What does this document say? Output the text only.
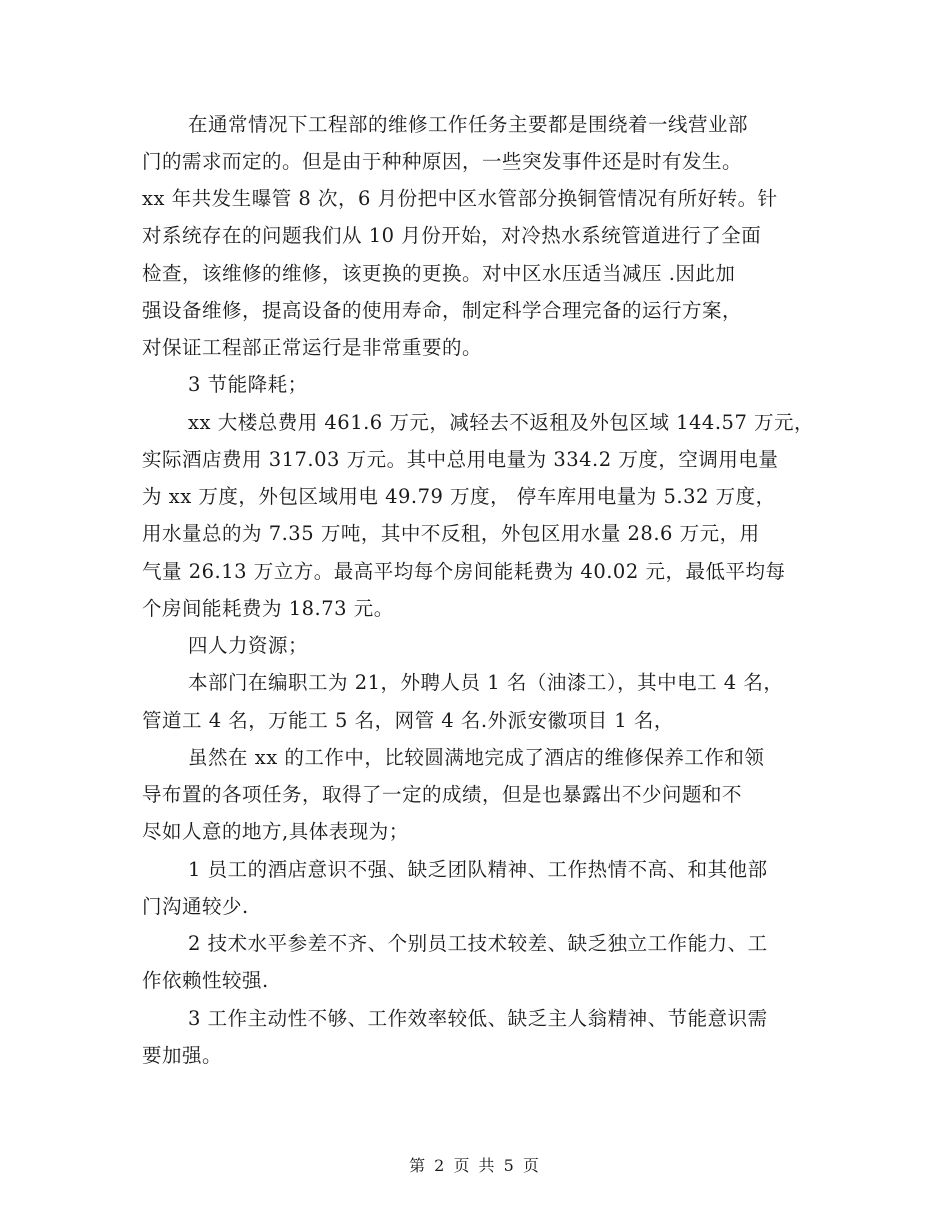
在通常情况下工程部的维修工作任务主要都是围绕着一线营业部
门的需求而定的。但是由于种种原因，一些突发事件还是时有发生。
xx 年共发生曝管 8 次，6 月份把中区水管部分换铜管情况有所好转。针
对系统存在的问题我们从 10 月份开始，对冷热水系统管道进行了全面
检查，该维修的维修，该更换的更换。对中区水压适当减压 .因此加
强设备维修，提高设备的使用寿命，制定科学合理完备的运行方案，
对保证工程部正常运行是非常重要的。
3 节能降耗；
xx 大楼总费用 461.6 万元，减轻去不返租及外包区域 144.57 万元，
实际酒店费用 317.03 万元。其中总用电量为 334.2 万度，空调用电量
为 xx 万度，外包区域用电 49.79 万度， 停车库用电量为 5.32 万度，
用水量总的为 7.35 万吨，其中不反租，外包区用水量 28.6 万元，用
气量 26.13 万立方。最高平均每个房间能耗费为 40.02 元，最低平均每
个房间能耗费为 18.73 元。
四人力资源；
本部门在编职工为 21，外聘人员 1 名（油漆工），其中电工 4 名，
管道工 4 名，万能工 5 名，网管 4 名.外派安徽项目 1 名，
虽然在 xx 的工作中，比较圆满地完成了酒店的维修保养工作和领
导布置的各项任务，取得了一定的成绩，但是也暴露出不少问题和不
尽如人意的地方,具体表现为；
1 员工的酒店意识不强、缺乏团队精神、工作热情不高、和其他部
门沟通较少.
2 技术水平参差不齐、个别员工技术较差、缺乏独立工作能力、工
作依赖性较强.
3 工作主动性不够、工作效率较低、缺乏主人翁精神、节能意识需
要加强。
第 2 页 共 5 页
